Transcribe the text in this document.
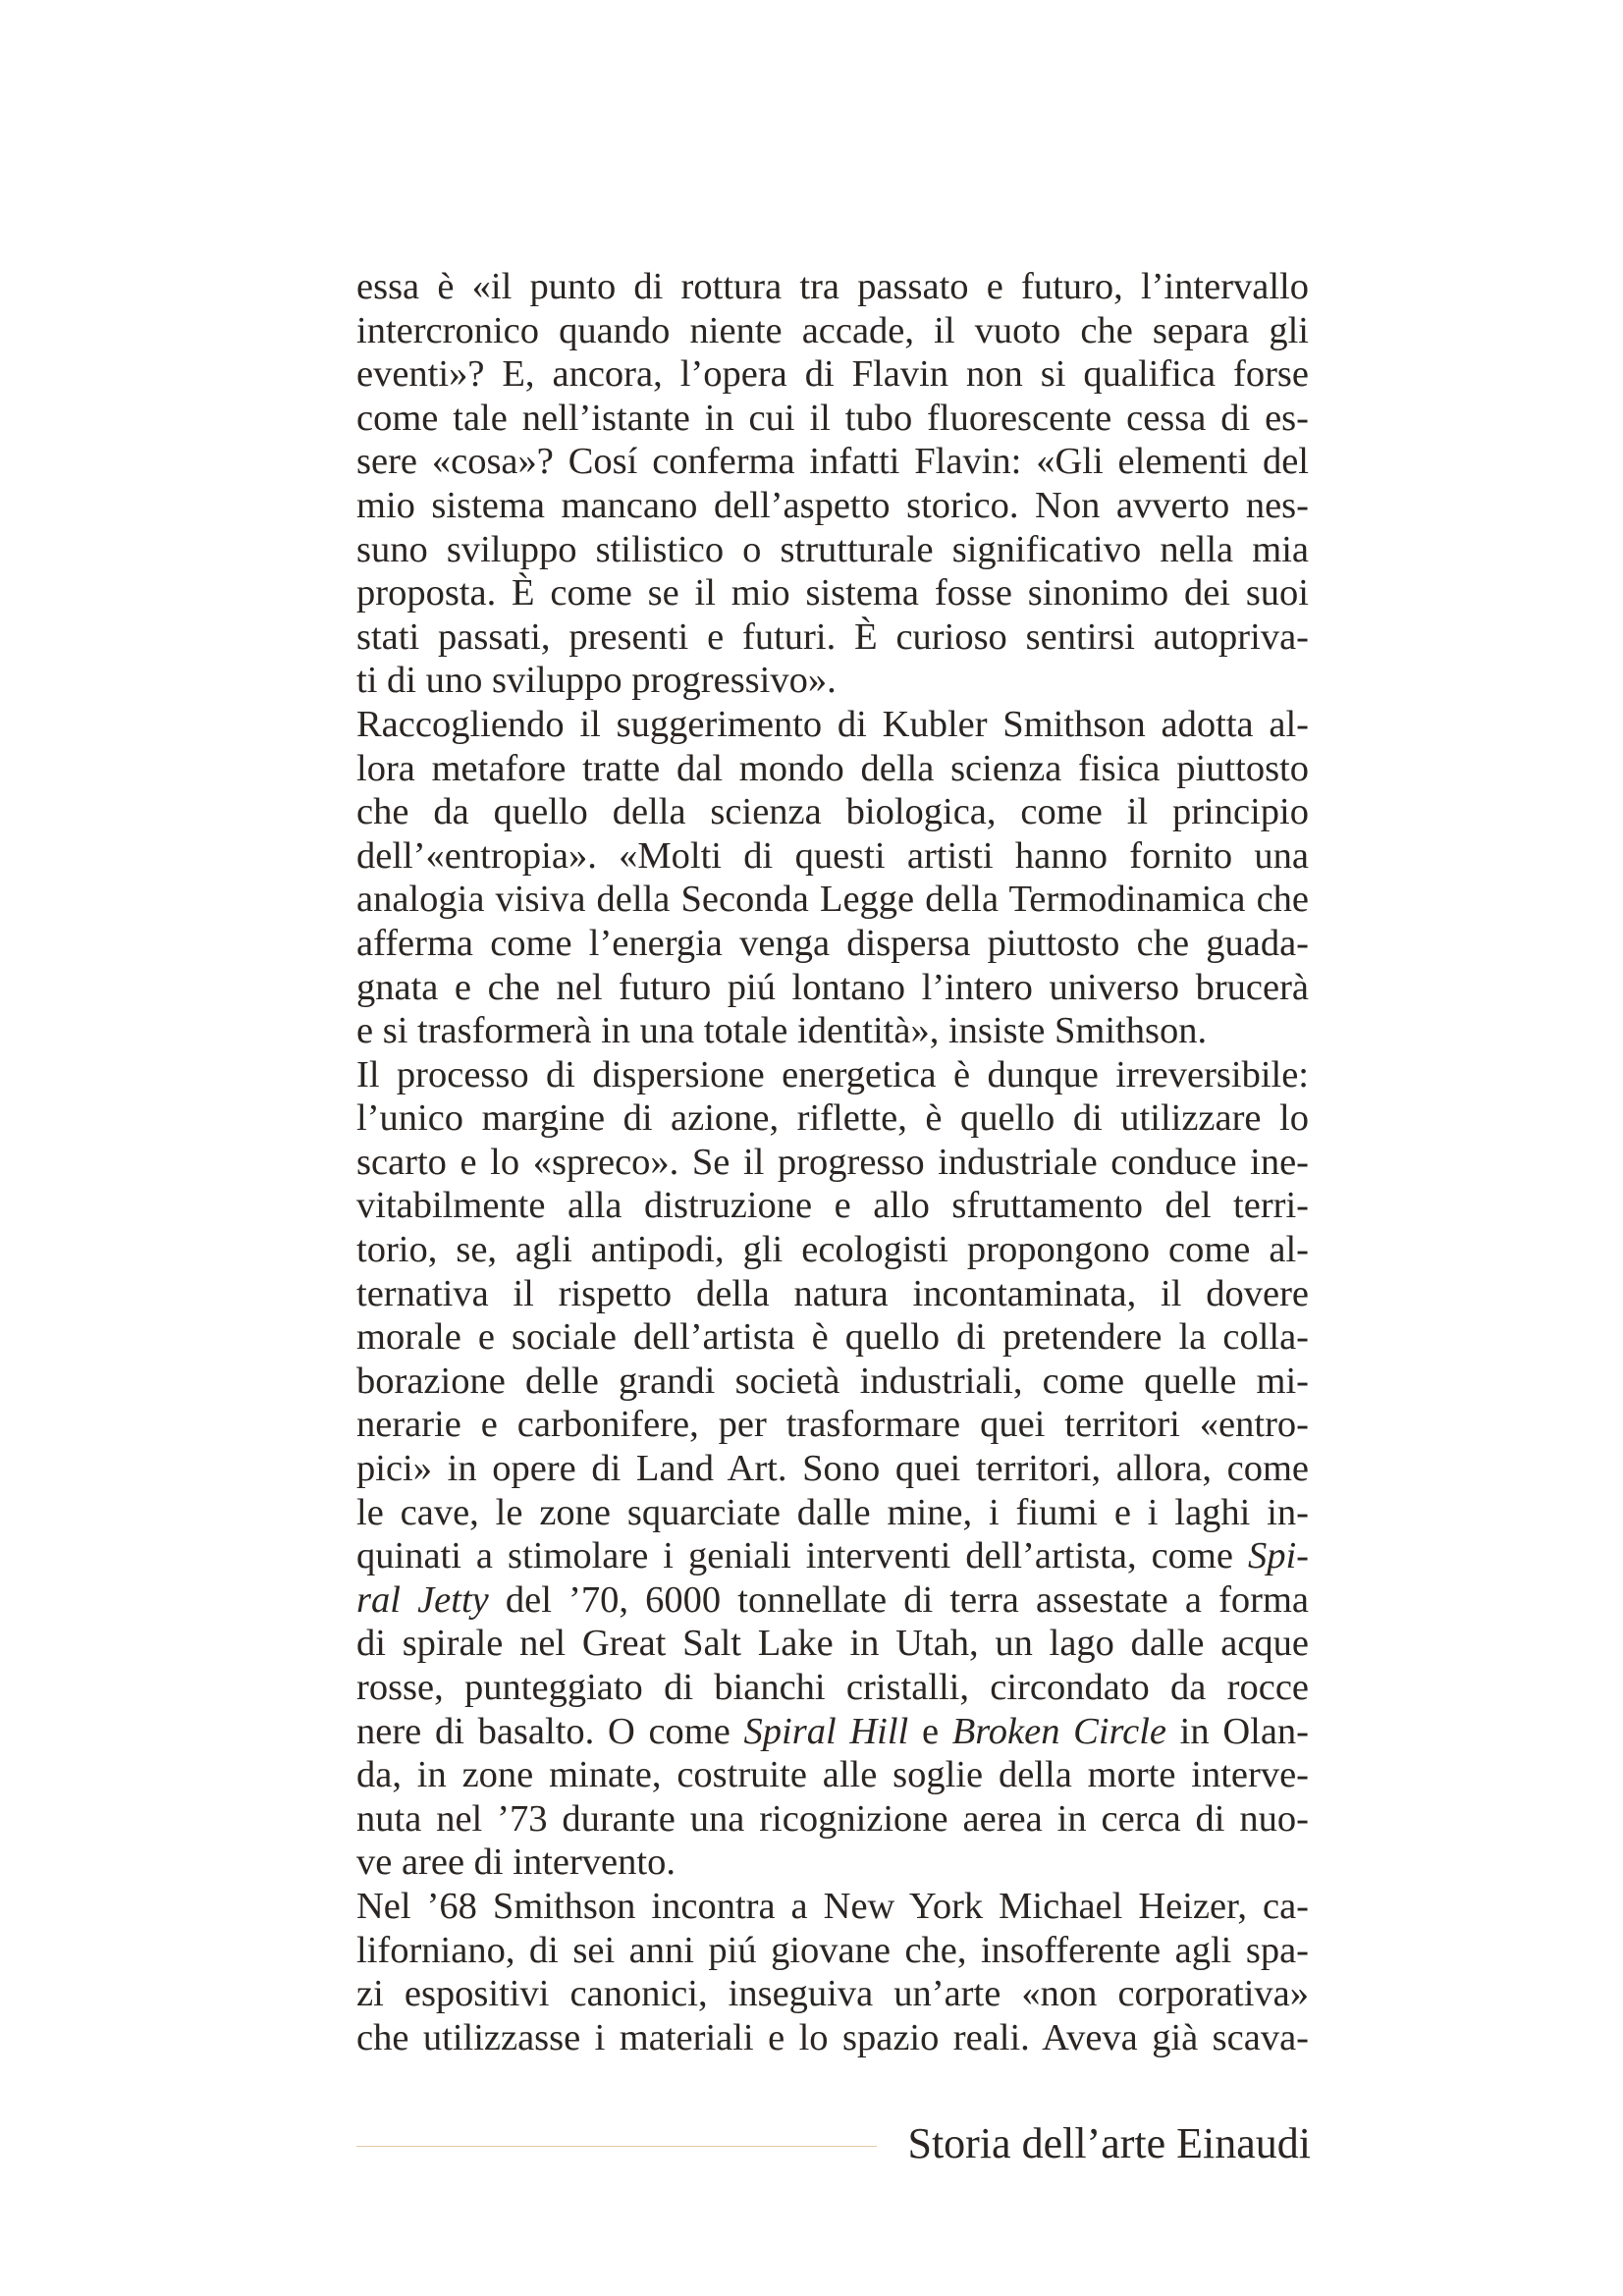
essa è «il punto di rottura tra passato e futuro, l’intervallo
intercronico quando niente accade, il vuoto che separa gli
eventi»? E, ancora, l’opera di Flavin non si qualifica forse
come tale nell’istante in cui il tubo fluorescente cessa di es-
sere «cosa»? Cosí conferma infatti Flavin: «Gli elementi del
mio sistema mancano dell’aspetto storico. Non avverto nes-
suno sviluppo stilistico o strutturale significativo nella mia
proposta. È come se il mio sistema fosse sinonimo dei suoi
stati passati, presenti e futuri. È curioso sentirsi autoprivа-
ti di uno sviluppo progressivo».
Raccogliendo il suggerimento di Kubler Smithson adotta al-
lora metafore tratte dal mondo della scienza fisica piuttosto
che da quello della scienza biologica, come il principio
dell’«entropia». «Molti di questi artisti hanno fornito una
analogia visiva della Seconda Legge della Termodinamica che
afferma come l’energia venga dispersa piuttosto che guada-
gnata e che nel futuro piú lontano l’intero universo brucerà
e si trasformerà in una totale identità», insiste Smithson.
Il processo di dispersione energetica è dunque irreversibile:
l’unico margine di azione, riflette, è quello di utilizzare lo
scarto e lo «spreco». Se il progresso industriale conduce ine-
vitabilmente alla distruzione e allo sfruttamento del terri-
torio, se, agli antipodi, gli ecologisti propongono come al-
ternativa il rispetto della natura incontaminata, il dovere
morale e sociale dell’artista è quello di pretendere la colla-
borazione delle grandi società industriali, come quelle mi-
nerarie e carbonifere, per trasformare quei territori «entro-
pici» in opere di Land Art. Sono quei territori, allora, come
le cave, le zone squarciate dalle mine, i fiumi e i laghi in-
quinati a stimolare i geniali interventi dell’artista, come Spi-
ral Jetty del ’70, 6000 tonnellate di terra assestate a forma
di spirale nel Great Salt Lake in Utah, un lago dalle acque
rosse, punteggiato di bianchi cristalli, circondato da rocce
nere di basalto. O come Spiral Hill e Broken Circle in Olan-
da, in zone minate, costruite alle soglie della morte interve-
nuta nel ’73 durante una ricognizione aerea in cerca di nuo-
ve aree di intervento.
Nel ’68 Smithson incontra a New York Michael Heizer, ca-
liforniano, di sei anni piú giovane che, insofferente agli spa-
zi espositivi canonici, inseguiva un’arte «non corporativa»
che utilizzasse i materiali e lo spazio reali. Aveva già scava-
Storia dell’arte Einaudi
